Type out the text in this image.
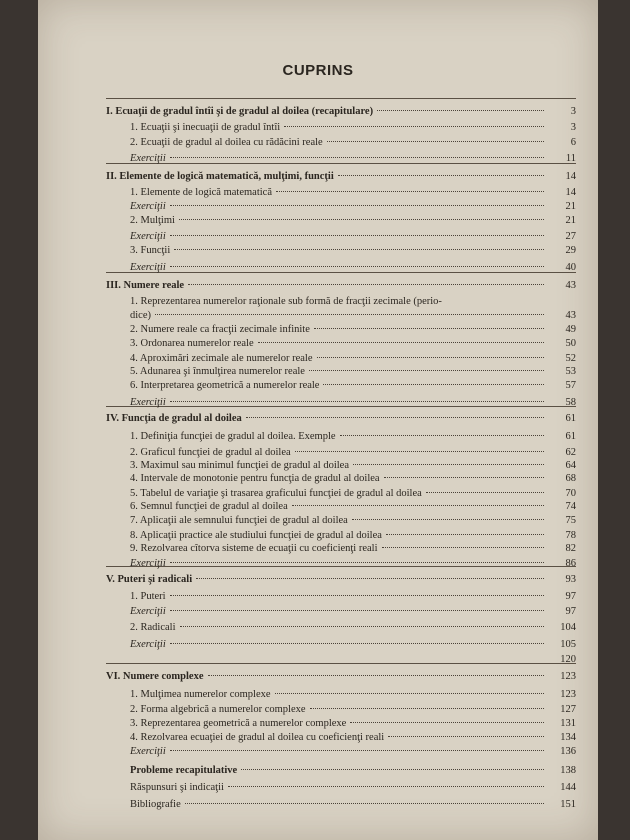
CUPRINS
I. Ecuaţii de gradul întîi şi de gradul al doilea (recapitulare)	3
1. Ecuaţii şi inecuaţii de gradul întîi	3
2. Ecuaţii de gradul al doilea cu rădăcini reale	6
Exerciţii	11
II. Elemente de logică matematică, mulţimi, funcţii	14
1. Elemente de logică matematică	14
Exerciţii	21
2. Mulţimi	21
Exerciţii	27
3. Funcţii	29
Exerciţii	40
III. Numere reale	43
1. Reprezentarea numerelor raţionale sub formă de fracţii zecimale (perio-
dice)	43
2. Numere reale ca fracţii zecimale infinite	49
3. Ordonarea numerelor reale	50
4. Aproximări zecimale ale numerelor reale	52
5. Adunarea şi înmulţirea numerelor reale	53
6. Interpretarea geometrică a numerelor reale	57
Exerciţii	58
IV. Funcţia de gradul al doilea	61
1. Definiţia funcţiei de gradul al doilea. Exemple	61
2. Graficul funcţiei de gradul al doilea	62
3. Maximul sau minimul funcţiei de gradul al doilea	64
4. Intervale de monotonie pentru funcţia de gradul al doilea	68
5. Tabelul de variaţie şi trasarea graficului funcţiei de gradul al doilea	70
6. Semnul funcţiei de gradul al doilea	74
7. Aplicaţii ale semnului funcţiei de gradul al doilea	75
8. Aplicaţii practice ale studiului funcţiei de gradul al doilea	78
9. Rezolvarea cîtorva sisteme de ecuaţii cu coeficienţi reali	82
Exerciţii	86
V. Puteri şi radicali	93
1. Puteri	97
Exerciţii	97
2. Radicali	104
Exerciţii	105
120
VI. Numere complexe	123
1. Mulţimea numerelor complexe	123
2. Forma algebrică a numerelor complexe	127
3. Reprezentarea geometrică a numerelor complexe	131
4. Rezolvarea ecuaţiei de gradul al doilea cu coeficienţi reali	134
Exerciţii	136
Probleme recapitulative	138
Răspunsuri şi indicaţii	144
Bibliografie	151
